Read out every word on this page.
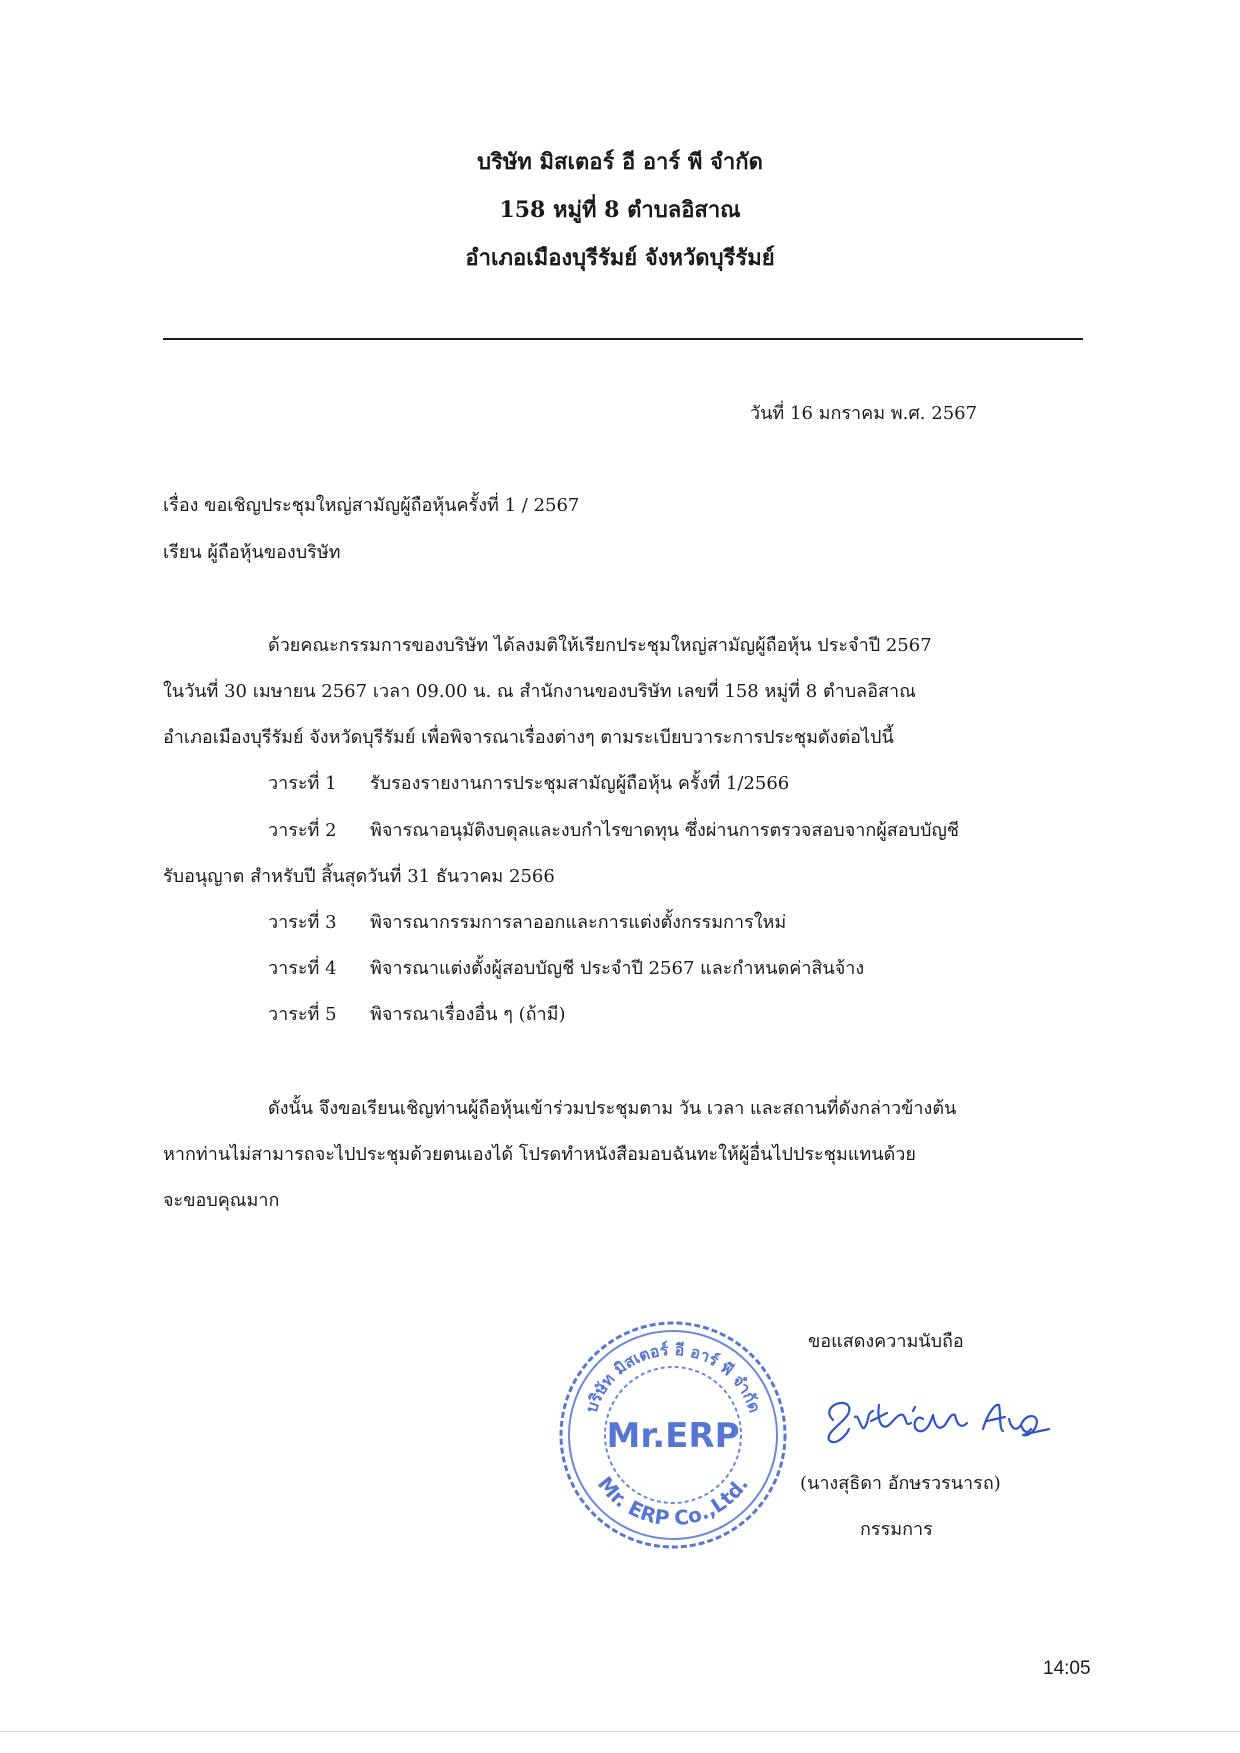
บริษัท มิสเตอร์ อี อาร์ พี จำกัด
158 หมู่ที่ 8 ตำบลอิสาณ
อำเภอเมืองบุรีรัมย์ จังหวัดบุรีรัมย์
วันที่ 16 มกราคม พ.ศ. 2567
เรื่อง ขอเชิญประชุมใหญ่สามัญผู้ถือหุ้นครั้งที่ 1 / 2567
เรียน ผู้ถือหุ้นของบริษัท
ด้วยคณะกรรมการของบริษัท ได้ลงมติให้เรียกประชุมใหญ่สามัญผู้ถือหุ้น ประจำปี 2567
ในวันที่ 30 เมษายน 2567 เวลา 09.00 น. ณ สำนักงานของบริษัท เลขที่ 158 หมู่ที่ 8 ตำบลอิสาณ
อำเภอเมืองบุรีรัมย์ จังหวัดบุรีรัมย์ เพื่อพิจารณาเรื่องต่างๆ ตามระเบียบวาระการประชุมดังต่อไปนี้
วาระที่ 1 รับรองรายงานการประชุมสามัญผู้ถือหุ้น ครั้งที่ 1/2566
วาระที่ 2 พิจารณาอนุมัติงบดุลและงบกำไรขาดทุน ซึ่งผ่านการตรวจสอบจากผู้สอบบัญชี
รับอนุญาต สำหรับปี สิ้นสุดวันที่ 31 ธันวาคม 2566
วาระที่ 3 พิจารณากรรมการลาออกและการแต่งตั้งกรรมการใหม่
วาระที่ 4 พิจารณาแต่งตั้งผู้สอบบัญชี ประจำปี 2567 และกำหนดค่าสินจ้าง
วาระที่ 5 พิจารณาเรื่องอื่น ๆ (ถ้ามี)
ดังนั้น จึงขอเรียนเชิญท่านผู้ถือหุ้นเข้าร่วมประชุมตาม วัน เวลา และสถานที่ดังกล่าวข้างต้น
หากท่านไม่สามารถจะไปประชุมด้วยตนเองได้ โปรดทำหนังสือมอบฉันทะให้ผู้อื่นไปประชุมแทนด้วย
จะขอบคุณมาก
ขอแสดงความนับถือ
บริษัท มิสเตอร์ อี อาร์ พี จำกัด
Mr. ERP Co.,Ltd.
Mr.ERP
(นางสุธิดา อักษรวรนารถ)
กรรมการ
14:05
